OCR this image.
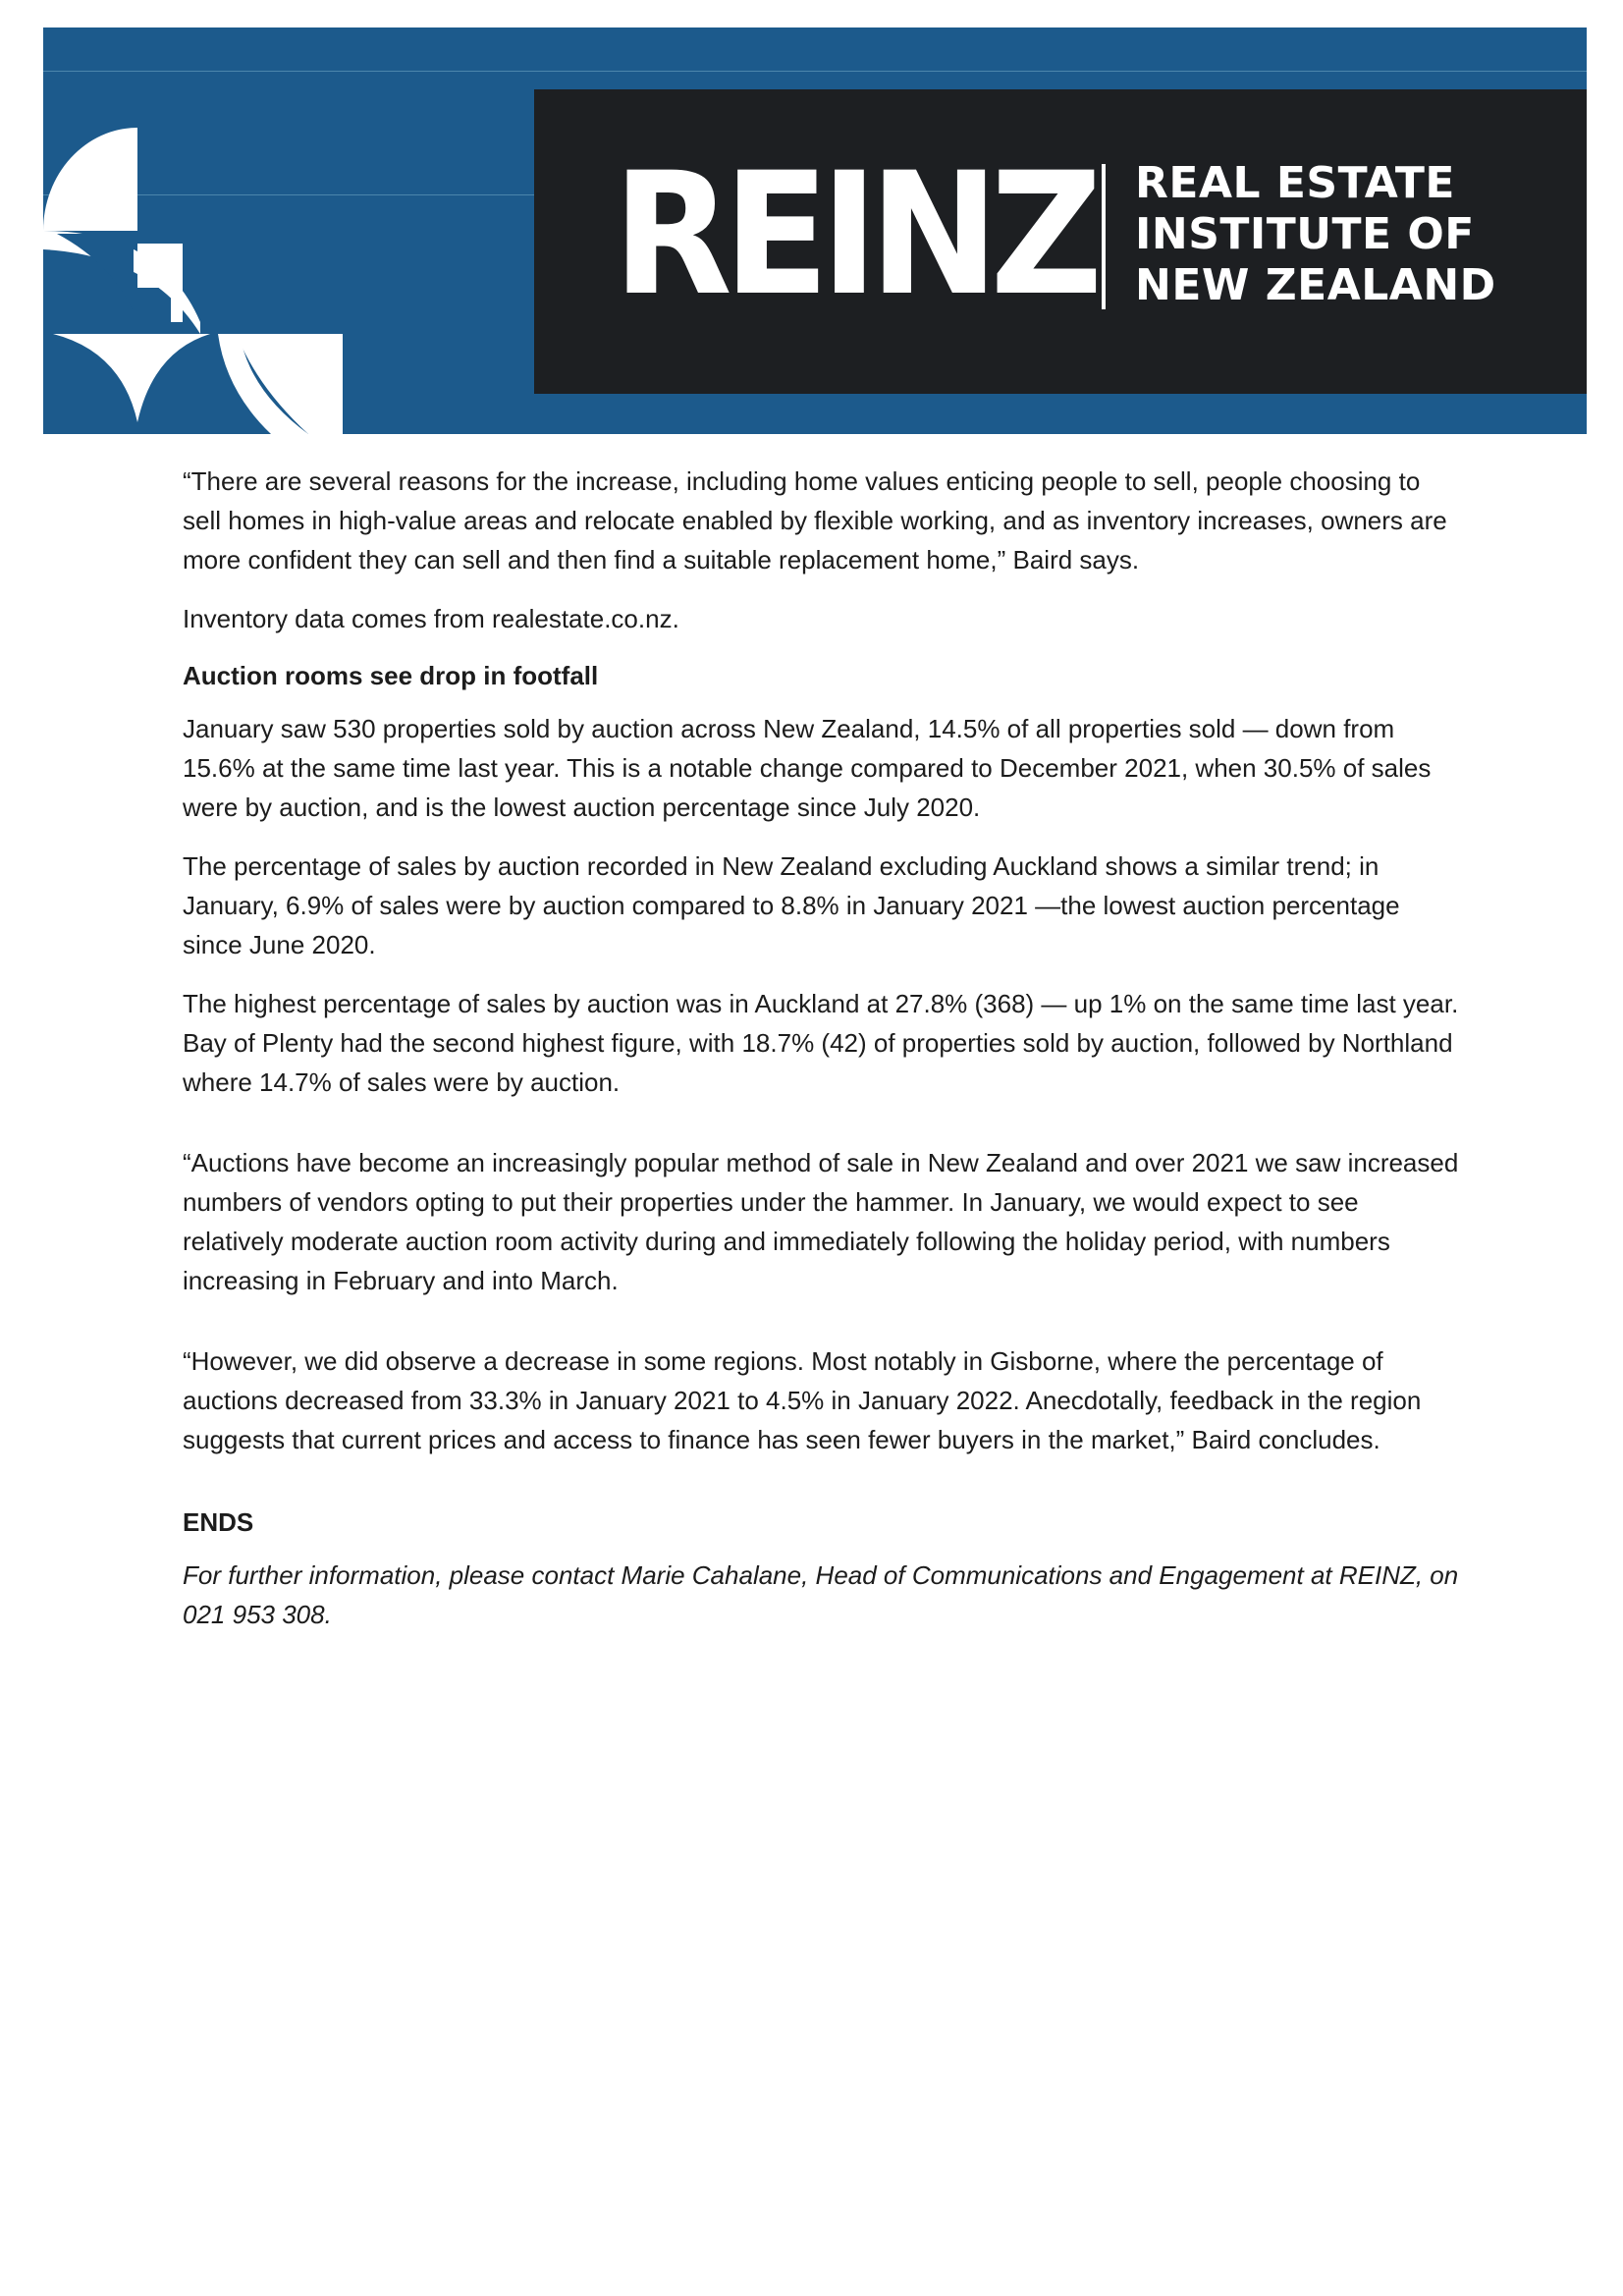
REINZ REAL ESTATE
INSTITUTE OF
NEW ZEALAND

“There are several reasons for the increase, including home values enticing people to sell, people choosing to sell homes in high-value areas and relocate enabled by flexible working, and as inventory increases, owners are more confident they can sell and then find a suitable replacement home,” Baird says.

Inventory data comes from realestate.co.nz.

Auction rooms see drop in footfall

January saw 530 properties sold by auction across New Zealand, 14.5% of all properties sold — down from 15.6% at the same time last year. This is a notable change compared to December 2021, when 30.5% of sales were by auction, and is the lowest auction percentage since July 2020.

The percentage of sales by auction recorded in New Zealand excluding Auckland shows a similar trend; in January, 6.9% of sales were by auction compared to 8.8% in January 2021 —the lowest auction percentage since June 2020.

The highest percentage of sales by auction was in Auckland at 27.8% (368) — up 1% on the same time last year. Bay of Plenty had the second highest figure, with 18.7% (42) of properties sold by auction, followed by Northland where 14.7% of sales were by auction.

“Auctions have become an increasingly popular method of sale in New Zealand and over 2021 we saw increased numbers of vendors opting to put their properties under the hammer. In January, we would expect to see relatively moderate auction room activity during and immediately following the holiday period, with numbers increasing in February and into March.

“However, we did observe a decrease in some regions. Most notably in Gisborne, where the percentage of auctions decreased from 33.3% in January 2021 to 4.5% in January 2022. Anecdotally, feedback in the region suggests that current prices and access to finance has seen fewer buyers in the market,” Baird concludes.

ENDS

For further information, please contact Marie Cahalane, Head of Communications and Engagement at REINZ, on 021 953 308.
